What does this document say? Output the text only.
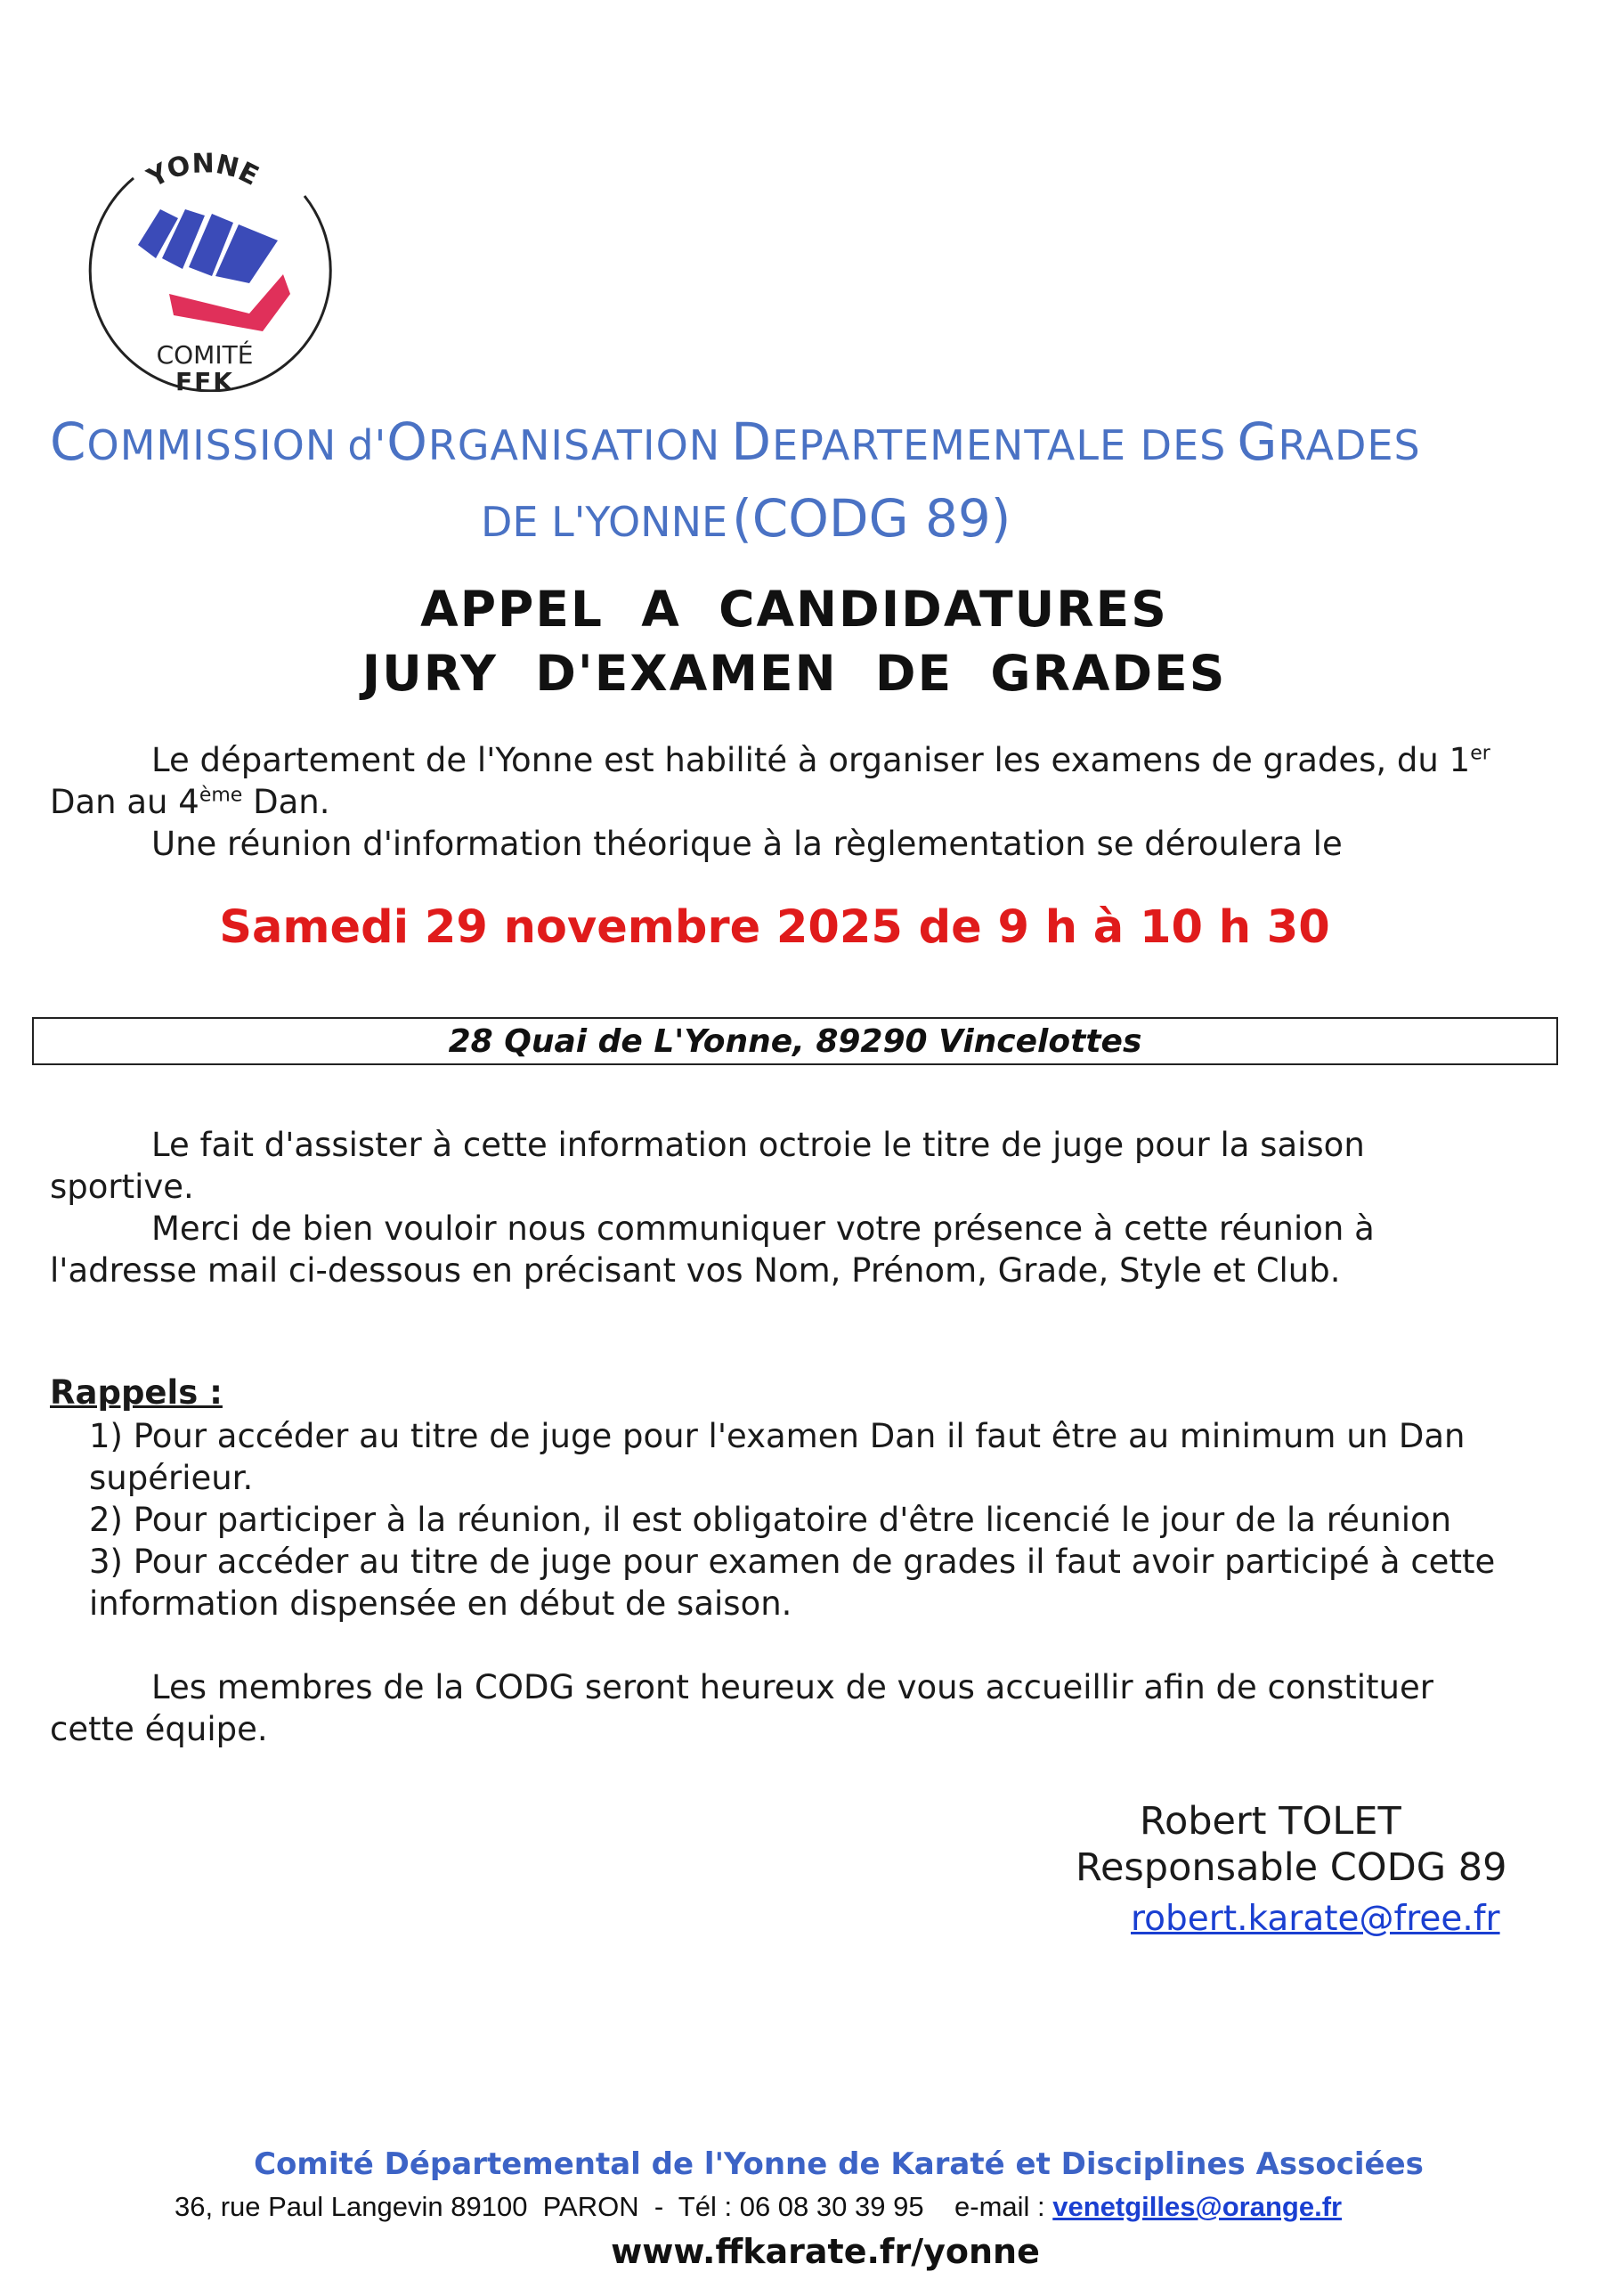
YONNE
COMITÉ
FFK
COMMISSION d'ORGANISATION DEPARTEMENTALE DES GRADES
DE L'YONNE (CODG 89)
APPEL  A  CANDIDATURES
JURY  D'EXAMEN  DE  GRADES
Le département de l'Yonne est habilité à organiser les examens de grades, du 1er
Dan au 4ème Dan.
Une réunion d'information théorique à la règlementation se déroulera le
Samedi 29 novembre 2025 de 9 h à 10 h 30
28 Quai de L'Yonne, 89290 Vincelottes
Le fait d'assister à cette information octroie le titre de juge pour la saison
sportive.
Merci de bien vouloir nous communiquer votre présence à cette réunion à
l'adresse mail ci-dessous en précisant vos Nom, Prénom, Grade, Style et Club.
Rappels :
1) Pour accéder au titre de juge pour l'examen Dan il faut être au minimum un Dan
supérieur.
2) Pour participer à la réunion, il est obligatoire d'être licencié le jour de la réunion
3) Pour accéder au titre de juge pour examen de grades il faut avoir participé à cette
information dispensée en début de saison.
Les membres de la CODG seront heureux de vous accueillir afin de constituer
cette équipe.
Robert TOLET
Responsable CODG 89
robert.karate@free.fr
Comité Départemental de l'Yonne de Karaté et Disciplines Associées
36, rue Paul Langevin 89100  PARON  -  Tél : 06 08 30 39 95    e-mail : venetgilles@orange.fr
www.ffkarate.fr/yonne
